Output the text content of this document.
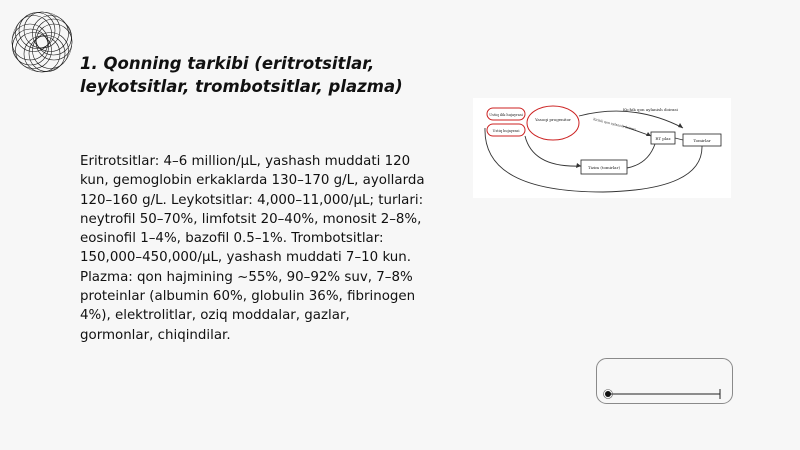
1. Qonning tarkibi (eritrotsitlar, leykotsitlar, trombotsitlar, plazma)
Eritrotsitlar: 4–6 million/µL, yashash muddati 120 kun, gemoglobin erkaklarda 130–170 g/L, ayollarda 120–160 g/L. Leykotsitlar: 4,000–11,000/µL; turlari: neytrofil 50–70%, limfotsit 20–40%, monosit 2–8%, eosinofil 1–4%, bazofil 0.5–1%. Trombotsitlar: 150,000–450,000/µL, yashash muddati 7–10 kun. Plazma: qon hajmining ~55%, 90–92% suv, 7–8% proteinlar (albumin 60%, globulin 36%, fibrinogen 4%), elektrolitlar, oziq moddalar, gazlar, gormonlar, chiqindilar.
Ustiq ilik hujayrasi
Ustiq hujayrasi
Yasoqi progenitor
Kichik qon aylanish doirasi
Kichik qon aylanish doirasi
RT plaz	Tomirlar
Tizim (tomirlar)
